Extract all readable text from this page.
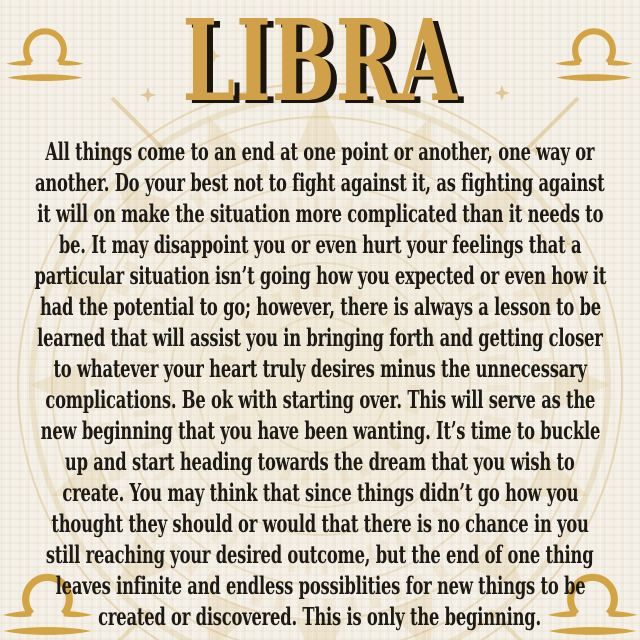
LIBRA LIBRA
All things come to an end at one point or another, one way or
another. Do your best not to fight against it, as fighting against
it will on make the situation more complicated than it needs to
be. It may disappoint you or even hurt your feelings that a
particular situation isn’t going how you expected or even how it
had the potential to go; however, there is always a lesson to be
learned that will assist you in bringing forth and getting closer
to whatever your heart truly desires minus the unnecessary
complications. Be ok with starting over. This will serve as the
new beginning that you have been wanting. It’s time to buckle
up and start heading towards the dream that you wish to
create. You may think that since things didn’t go how you
thought they should or would that there is no chance in you
still reaching your desired outcome, but the end of one thing
leaves infinite and endless possiblities for new things to be
created or discovered. This is only the beginning.
